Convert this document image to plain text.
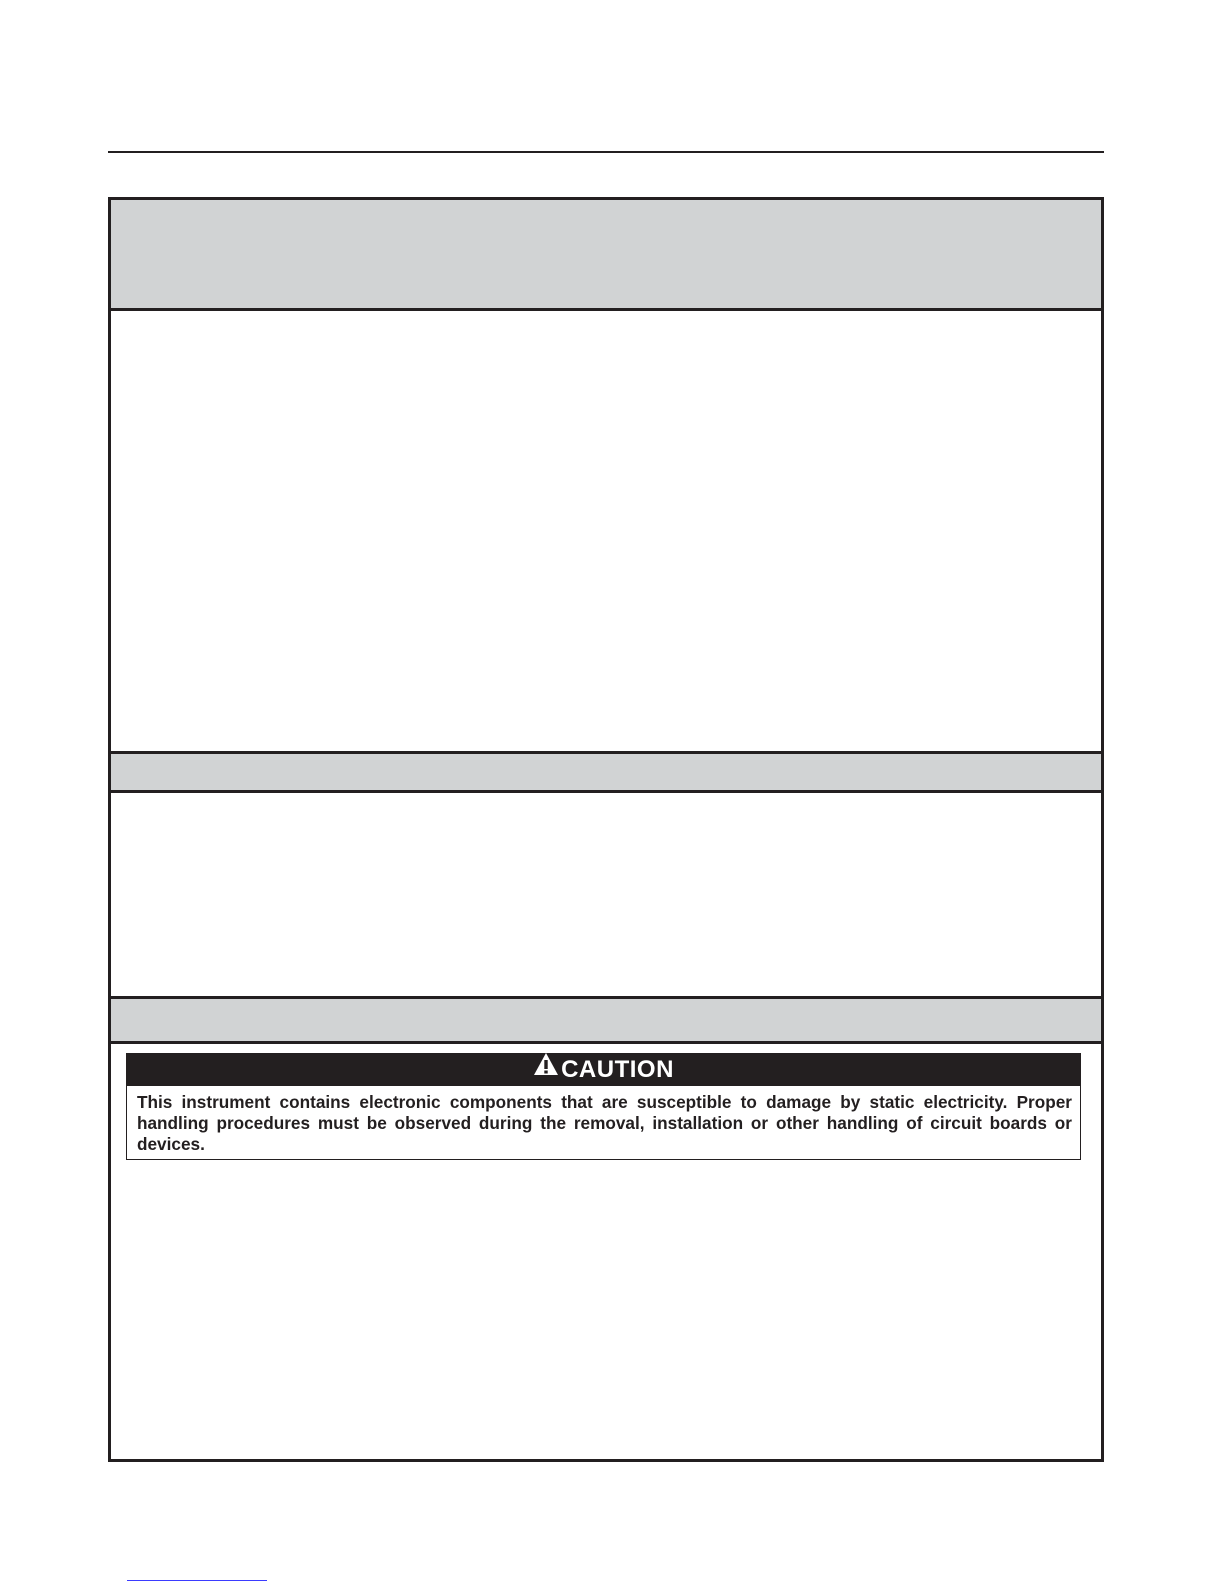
CAUTION

This instrument contains electronic components that are susceptible to damage by static electricity. Proper handling procedures must be observed during the removal, installation or other handling of circuit boards or devices.
